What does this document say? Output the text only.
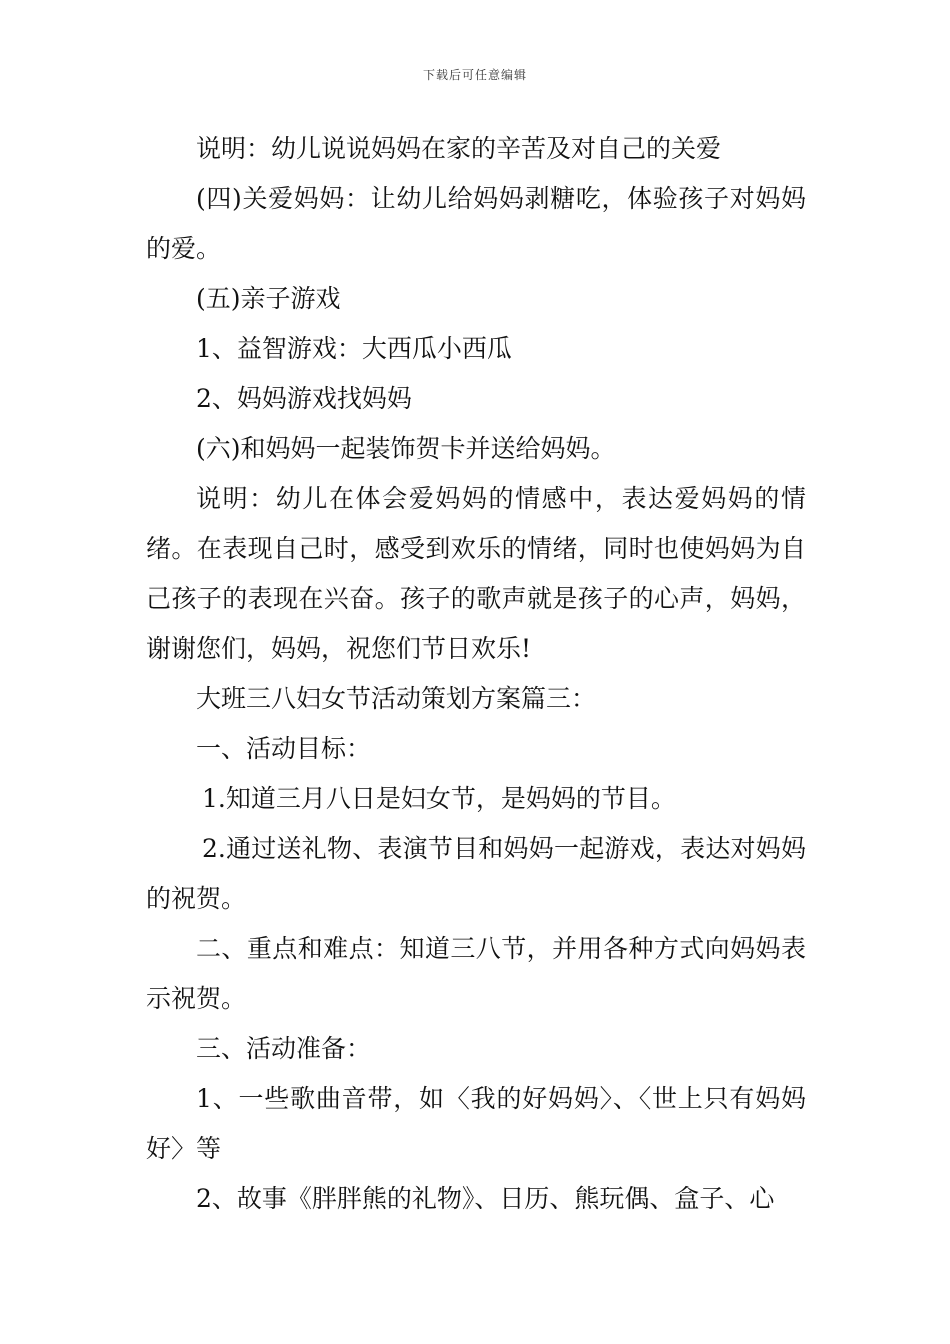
下载后可任意编辑

说明：幼儿说说妈妈在家的辛苦及对自己的关爱

(四)关爱妈妈：让幼儿给妈妈剥糖吃，体验孩子对妈妈的爱。

(五)亲子游戏

1、益智游戏：大西瓜小西瓜

2、妈妈游戏找妈妈

(六)和妈妈一起装饰贺卡并送给妈妈。

说明：幼儿在体会爱妈妈的情感中，表达爱妈妈的情绪。在表现自己时，感受到欢乐的情绪，同时也使妈妈为自己孩子的表现在兴奋。孩子的歌声就是孩子的心声，妈妈，谢谢您们，妈妈，祝您们节日欢乐!

大班三八妇女节活动策划方案篇三：

一、活动目标：

1.知道三月八日是妇女节，是妈妈的节目。

2.通过送礼物、表演节目和妈妈一起游戏，表达对妈妈的祝贺。

二、重点和难点：知道三八节，并用各种方式向妈妈表示祝贺。

三、活动准备：

1、一些歌曲音带，如〈我的好妈妈〉、〈世上只有妈妈好〉等

2、故事《胖胖熊的礼物》、日历、熊玩偶、盒子、心
